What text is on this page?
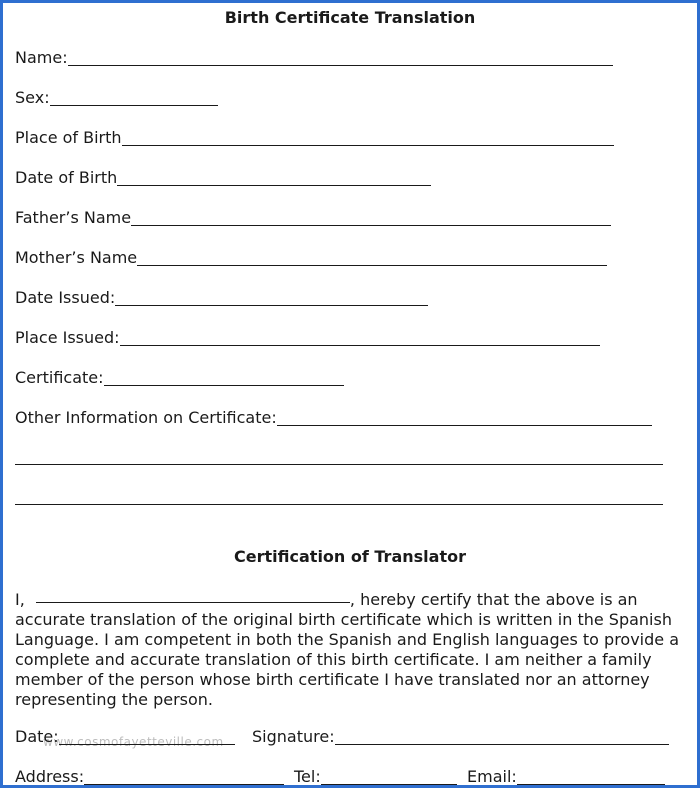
Birth Certificate Translation
Name:
Sex:
Place of Birth
Date of Birth
Father’s Name
Mother’s Name
Date Issued:
Place Issued:
Certificate:
Other Information on Certificate:
Certification of Translator
I,	, hereby certify that the above is an accurate translation of the original birth certificate which is written in the Spanish Language. I am competent in both the Spanish and English languages to provide a complete and accurate translation of this birth certificate. I am neither a family member of the person whose birth certificate I have translated nor an attorney representing the person.
www.cosmofayetteville.com
Date:	Signature:
Address:	Tel:	Email:
